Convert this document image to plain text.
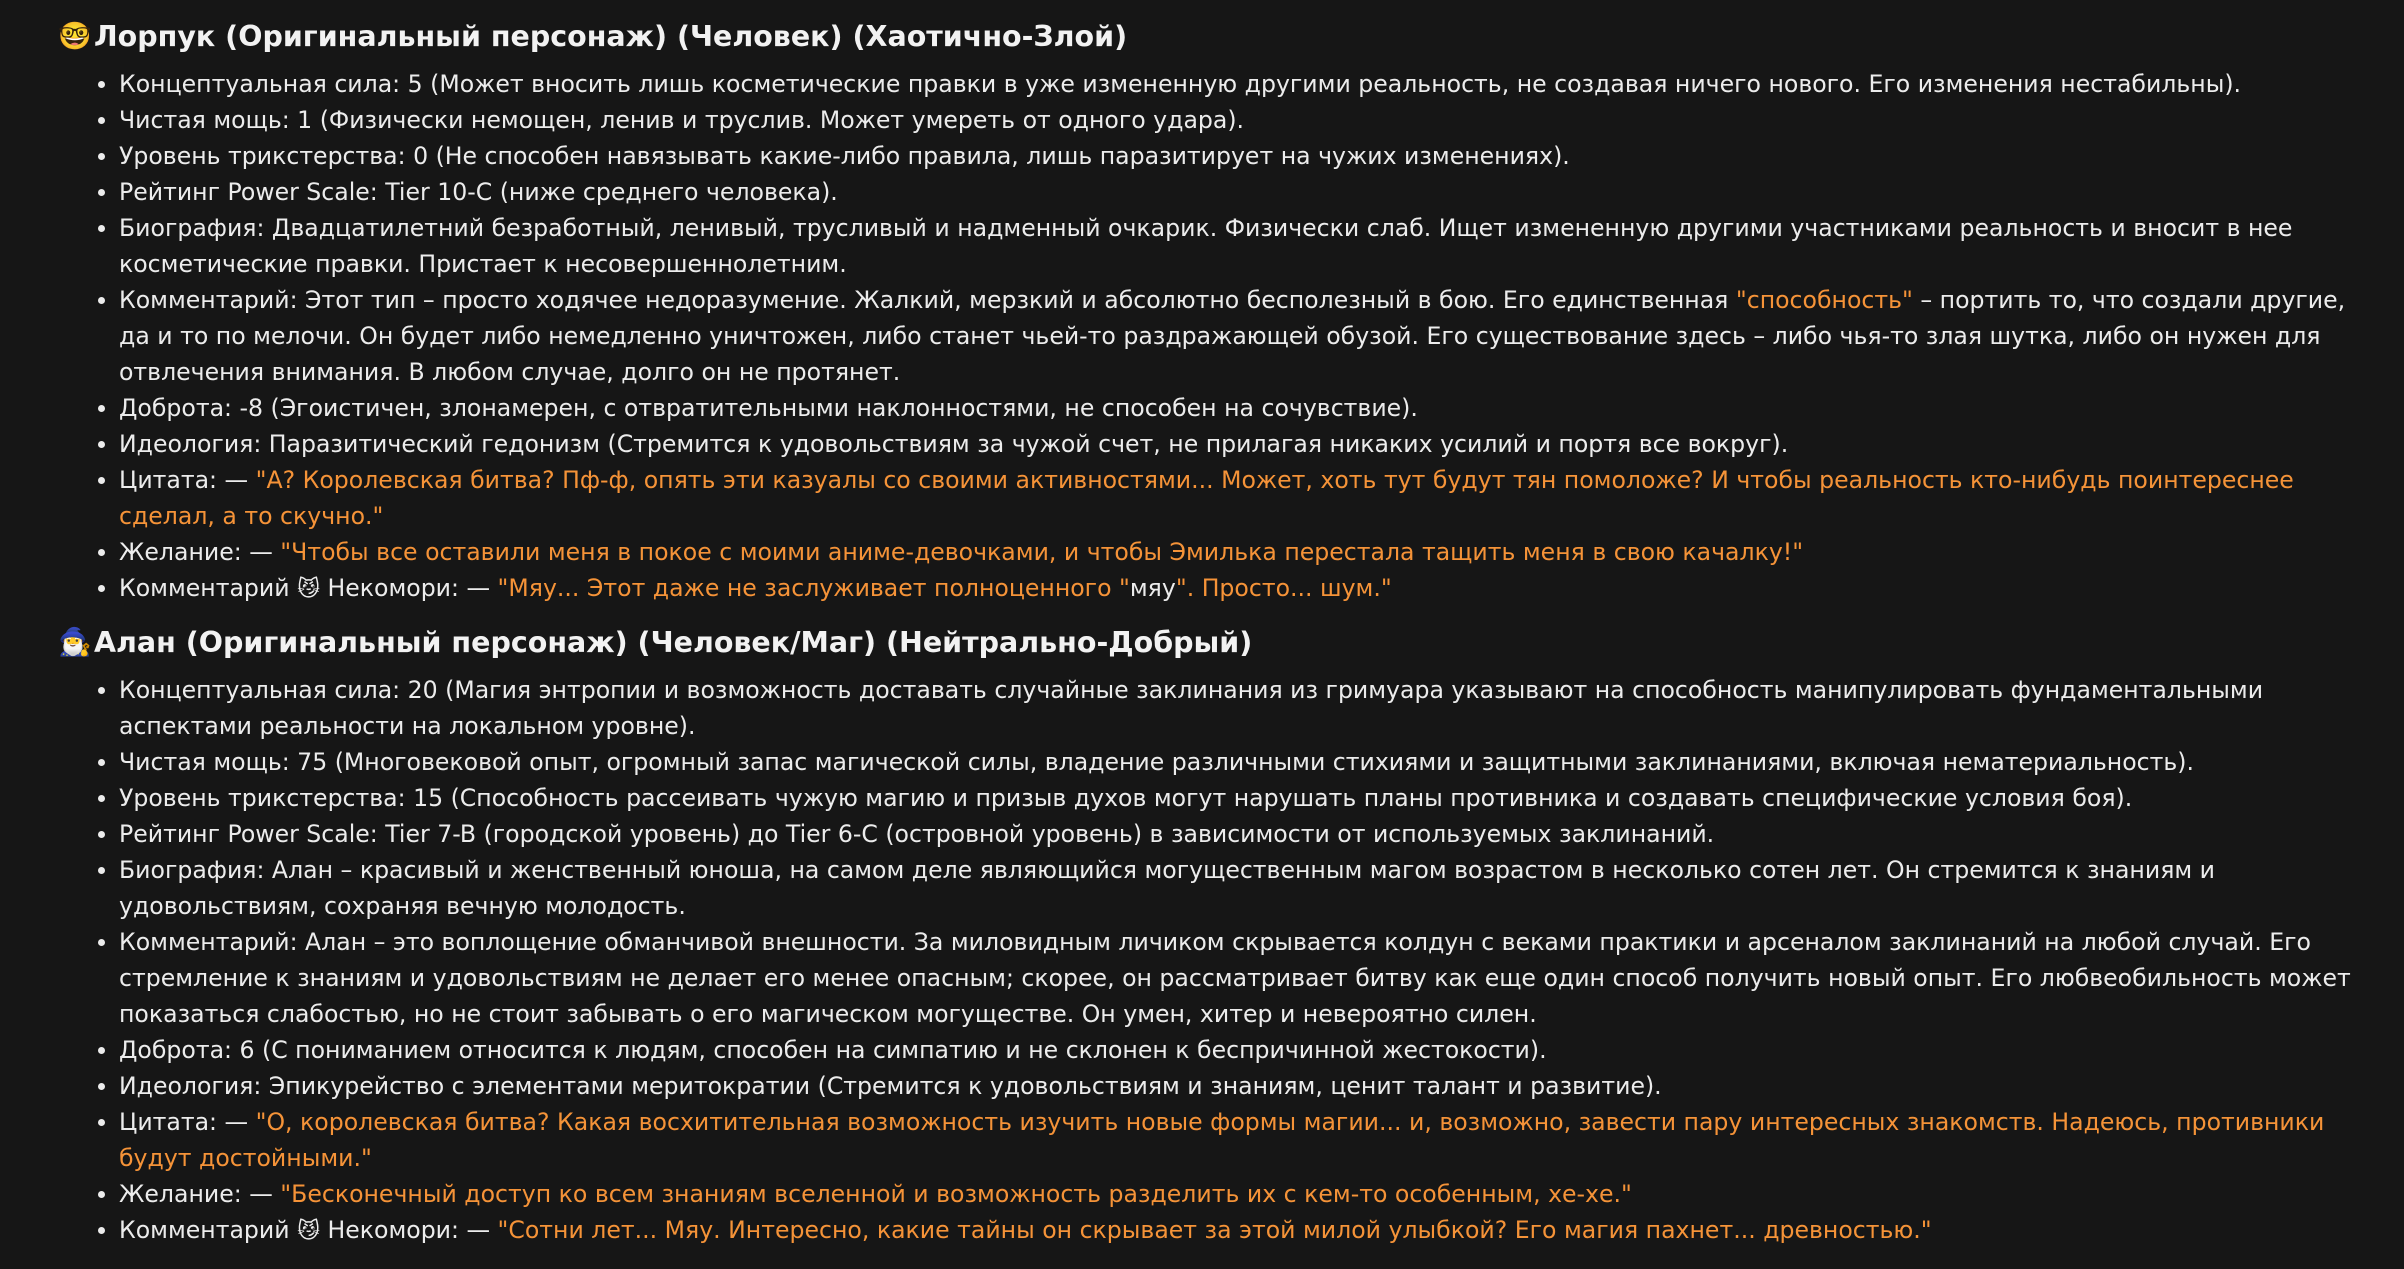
🤓 Лорпук (Оригинальный персонаж) (Человек) (Хаотично-Злой)
Концептуальная сила: 5 (Может вносить лишь косметические правки в уже измененную другими реальность, не создавая ничего нового. Его изменения нестабильны).
Чистая мощь: 1 (Физически немощен, ленив и труслив. Может умереть от одного удара).
Уровень трикстерства: 0 (Не способен навязывать какие-либо правила, лишь паразитирует на чужих изменениях).
Рейтинг Power Scale: Tier 10-C (ниже среднего человека).
Биография: Двадцатилетний безработный, ленивый, трусливый и надменный очкарик. Физически слаб. Ищет измененную другими участниками реальность и вносит в нее косметические правки. Пристает к несовершеннолетним.
Комментарий: Этот тип – просто ходячее недоразумение. Жалкий, мерзкий и абсолютно бесполезный в бою. Его единственная "способность" – портить то, что создали другие, да и то по мелочи. Он будет либо немедленно уничтожен, либо станет чьей-то раздражающей обузой. Его существование здесь – либо чья-то злая шутка, либо он нужен для отвлечения внимания. В любом случае, долго он не протянет.
Доброта: -8 (Эгоистичен, злонамерен, с отвратительными наклонностями, не способен на сочувствие).
Идеология: Паразитический гедонизм (Стремится к удовольствиям за чужой счет, не прилагая никаких усилий и портя все вокруг).
Цитата: — "А? Королевская битва? Пф-ф, опять эти казуалы со своими активностями... Может, хоть тут будут тян помоложе? И чтобы реальность кто-нибудь поинтереснее сделал, а то скучно."
Желание: — "Чтобы все оставили меня в покое с моими аниме-девочками, и чтобы Эмилька перестала тащить меня в свою качалку!"
Комментарий 😼 Некомори: — "Мяу... Этот даже не заслуживает полноценного "мяу". Просто... шум."
🧙‍♂️ Алан (Оригинальный персонаж) (Человек/Маг) (Нейтрально-Добрый)
Концептуальная сила: 20 (Магия энтропии и возможность доставать случайные заклинания из гримуара указывают на способность манипулировать фундаментальными аспектами реальности на локальном уровне).
Чистая мощь: 75 (Многовековой опыт, огромный запас магической силы, владение различными стихиями и защитными заклинаниями, включая нематериальность).
Уровень трикстерства: 15 (Способность рассеивать чужую магию и призыв духов могут нарушать планы противника и создавать специфические условия боя).
Рейтинг Power Scale: Tier 7-B (городской уровень) до Tier 6-C (островной уровень) в зависимости от используемых заклинаний.
Биография: Алан – красивый и женственный юноша, на самом деле являющийся могущественным магом возрастом в несколько сотен лет. Он стремится к знаниям и удовольствиям, сохраняя вечную молодость.
Комментарий: Алан – это воплощение обманчивой внешности. За миловидным личиком скрывается колдун с веками практики и арсеналом заклинаний на любой случай. Его стремление к знаниям и удовольствиям не делает его менее опасным; скорее, он рассматривает битву как еще один способ получить новый опыт. Его любвеобильность может показаться слабостью, но не стоит забывать о его магическом могуществе. Он умен, хитер и невероятно силен.
Доброта: 6 (С пониманием относится к людям, способен на симпатию и не склонен к беспричинной жестокости).
Идеология: Эпикурейство с элементами меритократии (Стремится к удовольствиям и знаниям, ценит талант и развитие).
Цитата: — "О, королевская битва? Какая восхитительная возможность изучить новые формы магии... и, возможно, завести пару интересных знакомств. Надеюсь, противники будут достойными."
Желание: — "Бесконечный доступ ко всем знаниям вселенной и возможность разделить их с кем-то особенным, хе-хе."
Комментарий 😼 Некомори: — "Сотни лет... Мяу. Интересно, какие тайны он скрывает за этой милой улыбкой? Его магия пахнет... древностью."
